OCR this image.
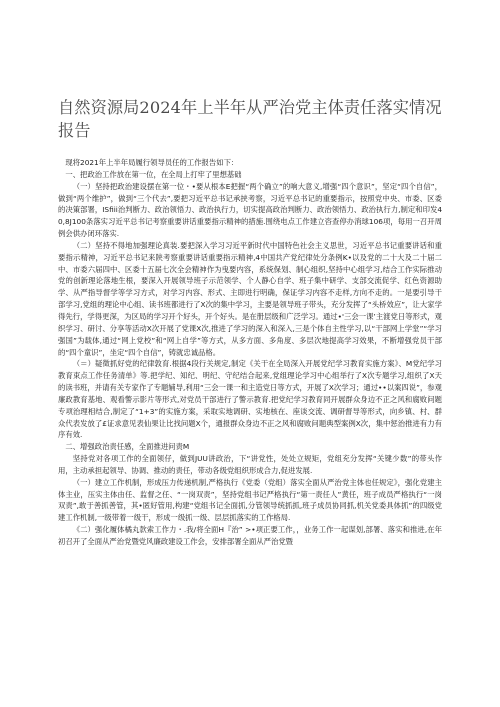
自然资源局2024年上半年从严治党主体责任落实情况报告

现将2021年上半年局履行领导员任的工作报告如下：

一、把政治工作放在第一位，在全局上打牢了里想基础

（一）坚持把政治建设摆在第一位・•要从根本E把握“两个确立”的响大意义,增强“四个意识”，坚定“四个自信”，做到“两个维护”，做到“三个代去”,要把习近平总书记承挟考察，习近平总书记的重要指示，按照党中央、市委、区委的决策部署，ISfiii治判断力、政治领悟力、政治执行力，切实提高政治判断力、政治领悟力、政治执行力,制定和印发40,8J100条落实习近平总书记考察重要讲话重要指示精神的措施.围绕电点工作建立咨查停办消球106项，每用一召开周例会供办闭环落实.

（二）坚持不得地加强理论真装.要把深入学习习近平新时代中国特色社会主义思世，习近平总书记重要讲话和重要指示精神，习近平总书记来陕考察重要讲话重要指示精神,4中国共产党纪律处分条例K•以及党的二十大及二十届二中、市委六届四中、区委十五届七次全会精神作为曳要内容，系统保划、制心组织,坚持中心组学习,结合工作实际推动党的创新理论落地生根，要深入开展领导班子示范领学、个人静心自学、班子集中研学、支部交流促学、红色资源助学、从严指导督学等学习方式，对学习内容、形式、主即进行明确，保证学习内容不走样,方向不走的。一是要引导干部学习,党组的理论中心组、读书班都进行了X次的集中学习，主要是领导班子带头，充分发挥了“头桥效应”，让大家学得先行，学得更深，为区局的学习开个好头，开个好头。是在册层级和广泛学习。通过•'三会一课’主渡党日等形式，观织学习、研讨、分享等活动X次开展了党课X次,推进了学习的深入和深入,三是个体自主性学习,以“干部网上学堂”“学习强国”为载体,通过“网上党校”和“网上自学”等方式，从多方面、多角度、多层次地提高学习效果，不断增强党员干部的“四个童识”，坐定“四个自信”，铸就忠诚品格。

（＝）疑徵抓好党的纪律敦育.根据4段行关规定,制定《关干在全局深入开展党纪学习教育实施方案》、M党纪学习教育束点工作任务清单》等.把学纪、知纪、明纪、守纪结合起来,党组理论学习中心组举行了X次专题学习,组织了X天的读书班，并请有关专家作了专题辅导,利用“三会一课一和主造党日等方式，开展了X次学习；通过••以案四说”，参观廉政教育基地、观看警示影片等形式,对党员干部进行了警示教育.把党纪学习教育同开展群众身边不正之风和腐败问题专项治理相结合,制定了“1+3”的实施方案，采取实地调研、实地核在、座谈交流、调研督导等形式，向乡镇、村、群众代表发放了£证求意见表仙果让比找问题X个，通报群众身边不正之风和腐败问题典型案例X次，集中惩治推进有力有序有效.

二、增强政治责任感，全面推进问责M

坚持党对各项工作的全面领仔，做到JUU讲政治，下“讲党性，处处立规矩，党组充分发挥“关键少数”的带头作用，主动承担起领导、协调、推动的责任，带动各级党组织形成合力,促进发展.

（一）建立工作机制，形成压力传递机制,严格执行《党委（党组）落实全面从严治党主体也任规定》，强化党建主体主业，压实主体由任、监督之任、“一岗双责”，坚持党组书记严格执行“第一责任人”黄任，班子成员严格执行“一岗双责”,敢于善抓善管，其•匿好管用,构建“党组书记全面抓,分管领导统抓抓,班子成员协同抓,机关党委具体抓”的四级党建工作机制,一级带着一级干，形成一级抓一级、层层抓落实的工作格局.

《二）强化履体橘丸款索工作力・.我/将全面H『治” >•项正要工作，，业务工作一起谋划,部署、落实和推进,在年初召开了全面从严治党暨党风廉政建设工作会，安排部署全面从严治党暨
